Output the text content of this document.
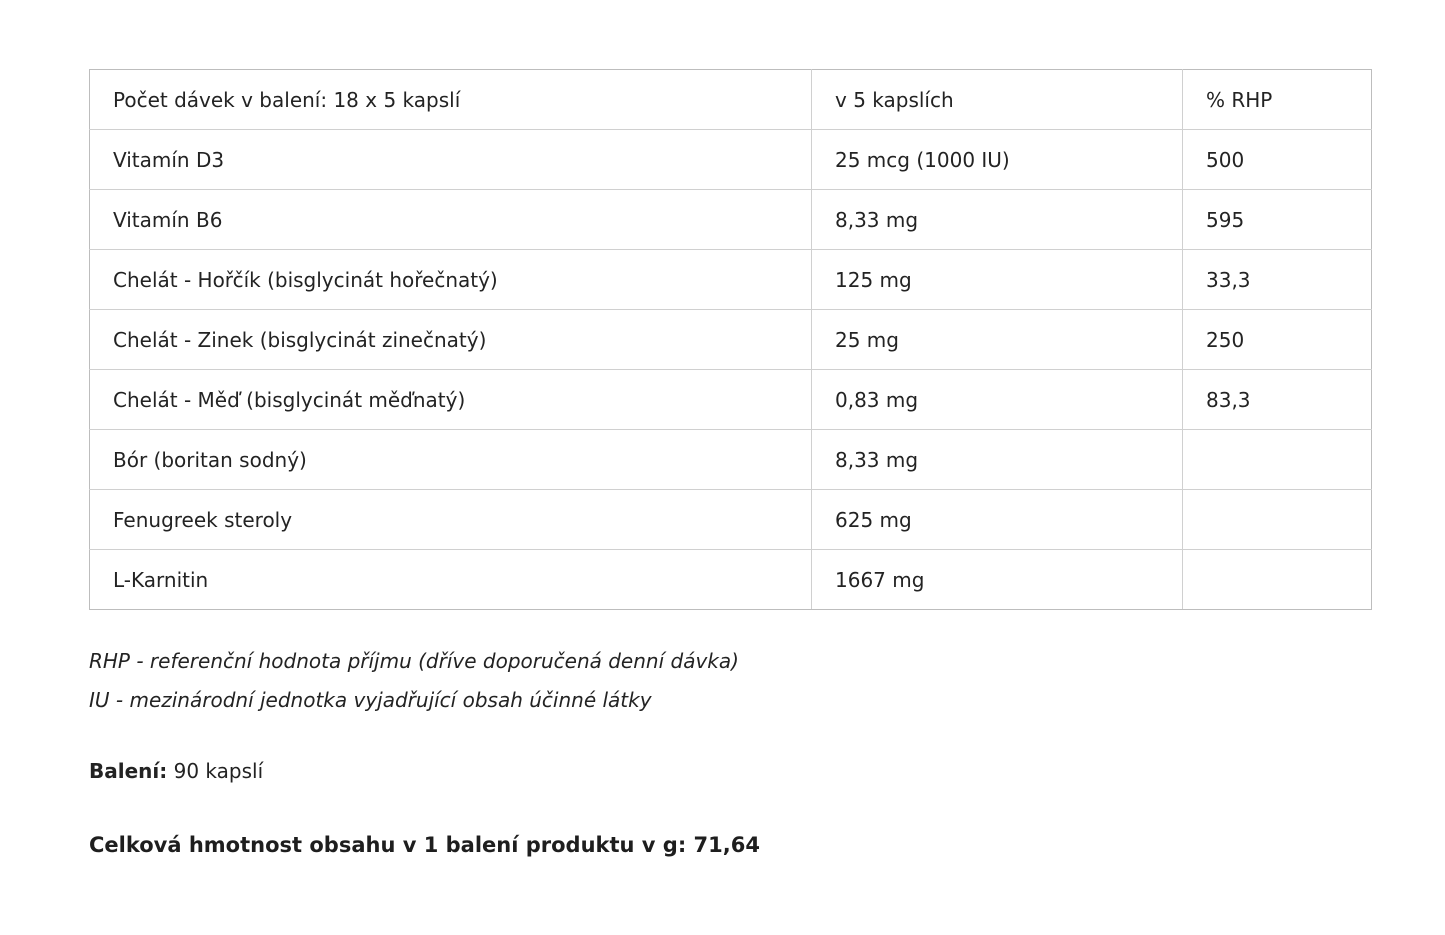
Počet dávek v balení: 18 x 5 kapslí	v 5 kapslích	% RHP
Vitamín D3	25 mcg (1000 IU)	500
Vitamín B6	8,33 mg	595
Chelát - Hořčík (bisglycinát hořečnatý)	125 mg	33,3
Chelát - Zinek (bisglycinát zinečnatý)	25 mg	250
Chelát - Měď (bisglycinát měďnatý)	0,83 mg	83,3
Bór (boritan sodný)	8,33 mg	
Fenugreek steroly	625 mg	
L-Karnitin	1667 mg	
RHP - referenční hodnota příjmu (dříve doporučená denní dávka)
IU - mezinárodní jednotka vyjadřující obsah účinné látky
Balení: 90 kapslí
Celková hmotnost obsahu v 1 balení produktu v g: 71,64
